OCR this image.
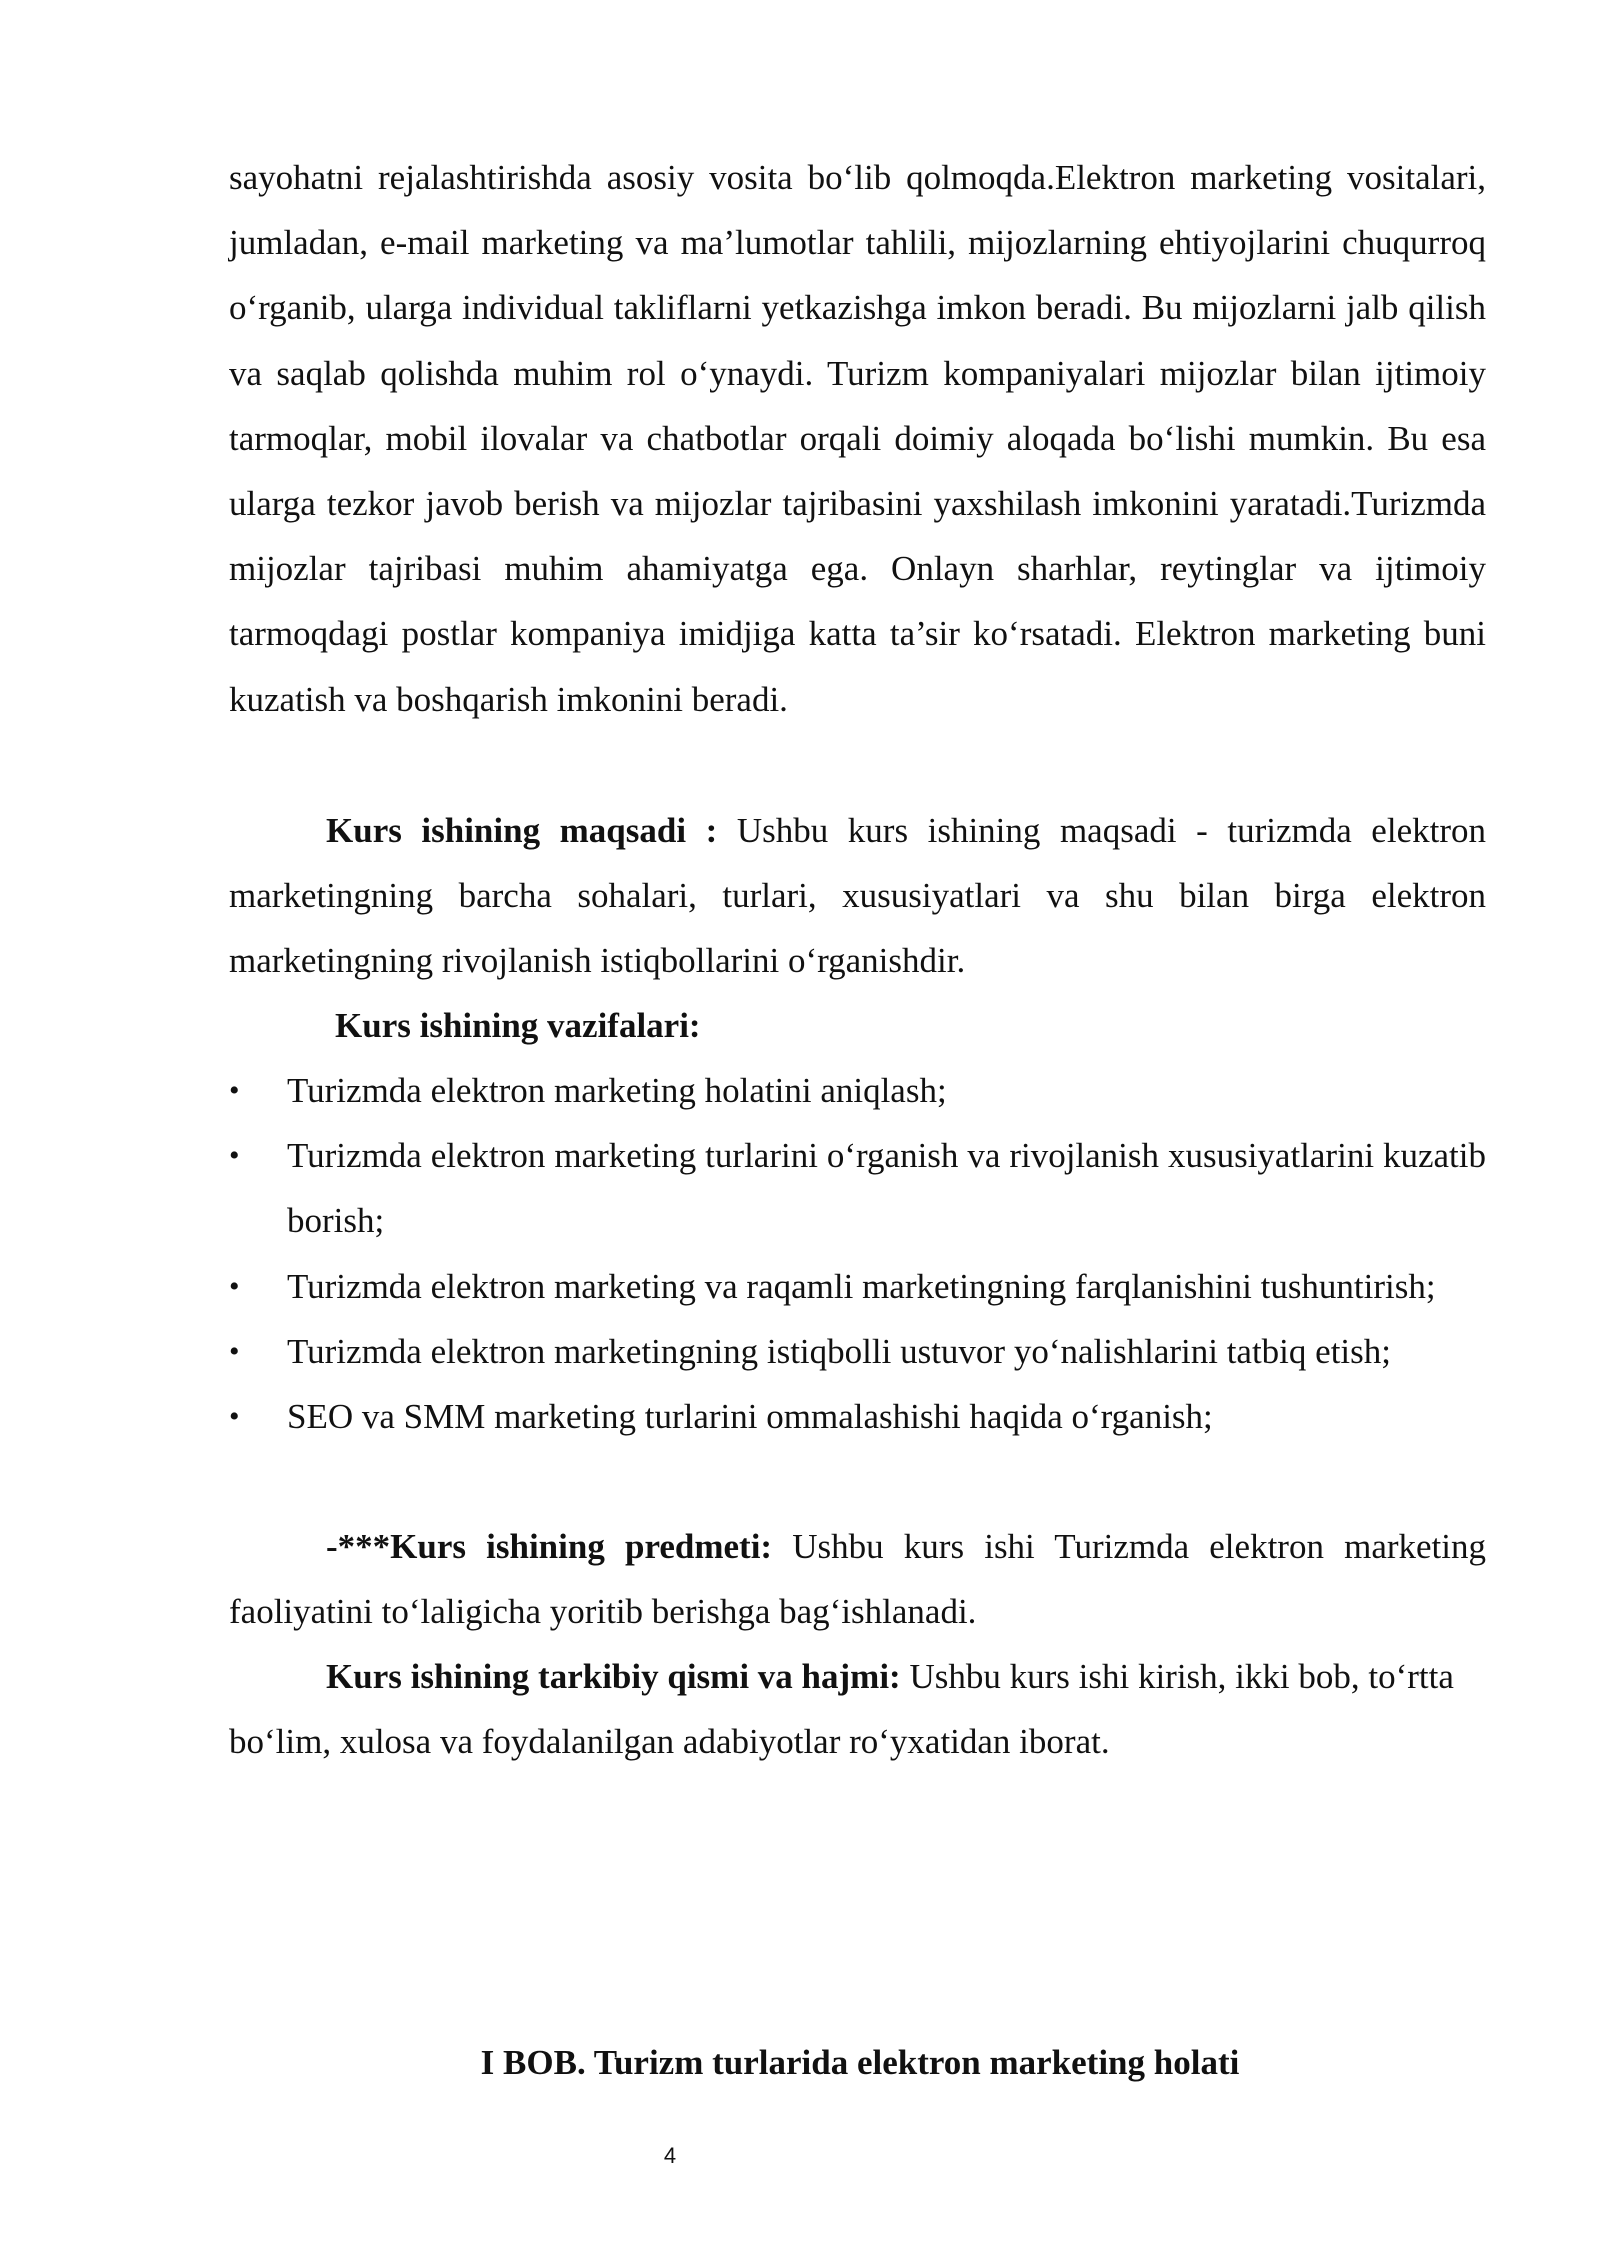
sayohatni rejalashtirishda asosiy vosita bo‘lib qolmoqda.Elektron marketing vositalari, jumladan, e-mail marketing va ma’lumotlar tahlili, mijozlarning ehtiyojlarini chuqurroq o‘rganib, ularga individual takliflarni yetkazishga imkon beradi. Bu mijozlarni jalb qilish va saqlab qolishda muhim rol o‘ynaydi. Turizm kompaniyalari mijozlar bilan ijtimoiy tarmoqlar, mobil ilovalar va chatbotlar orqali doimiy aloqada bo‘lishi mumkin. Bu esa ularga tezkor javob berish va mijozlar tajribasini yaxshilash imkonini yaratadi.Turizmda mijozlar tajribasi muhim ahamiyatga ega. Onlayn sharhlar, reytinglar va ijtimoiy tarmoqdagi postlar kompaniya imidjiga katta ta’sir ko‘rsatadi. Elektron marketing buni kuzatish va boshqarish imkonini beradi.

Kurs ishining maqsadi : Ushbu kurs ishining maqsadi - turizmda elektron marketingning barcha sohalari, turlari, xususiyatlari va shu bilan birga elektron marketingning rivojlanish istiqbollarini o‘rganishdir.

Kurs ishining vazifalari:
• Turizmda elektron marketing holatini aniqlash;
• Turizmda elektron marketing turlarini o‘rganish va rivojlanish xususiyatlarini kuzatib borish;
• Turizmda elektron marketing va raqamli marketingning farqlanishini tushuntirish;
• Turizmda elektron marketingning istiqbolli ustuvor yo‘nalishlarini tatbiq etish;
• SEO va SMM marketing turlarini ommalashishi haqida o‘rganish;

-***Kurs ishining predmeti: Ushbu kurs ishi Turizmda elektron marketing faoliyatini to‘laligicha yoritib berishga bag‘ishlanadi.

Kurs ishining tarkibiy qismi va hajmi: Ushbu kurs ishi kirish, ikki bob, to‘rtta bo‘lim, xulosa va foydalanilgan adabiyotlar ro‘yxatidan iborat.

I BOB. Turizm turlarida elektron marketing holati
4
